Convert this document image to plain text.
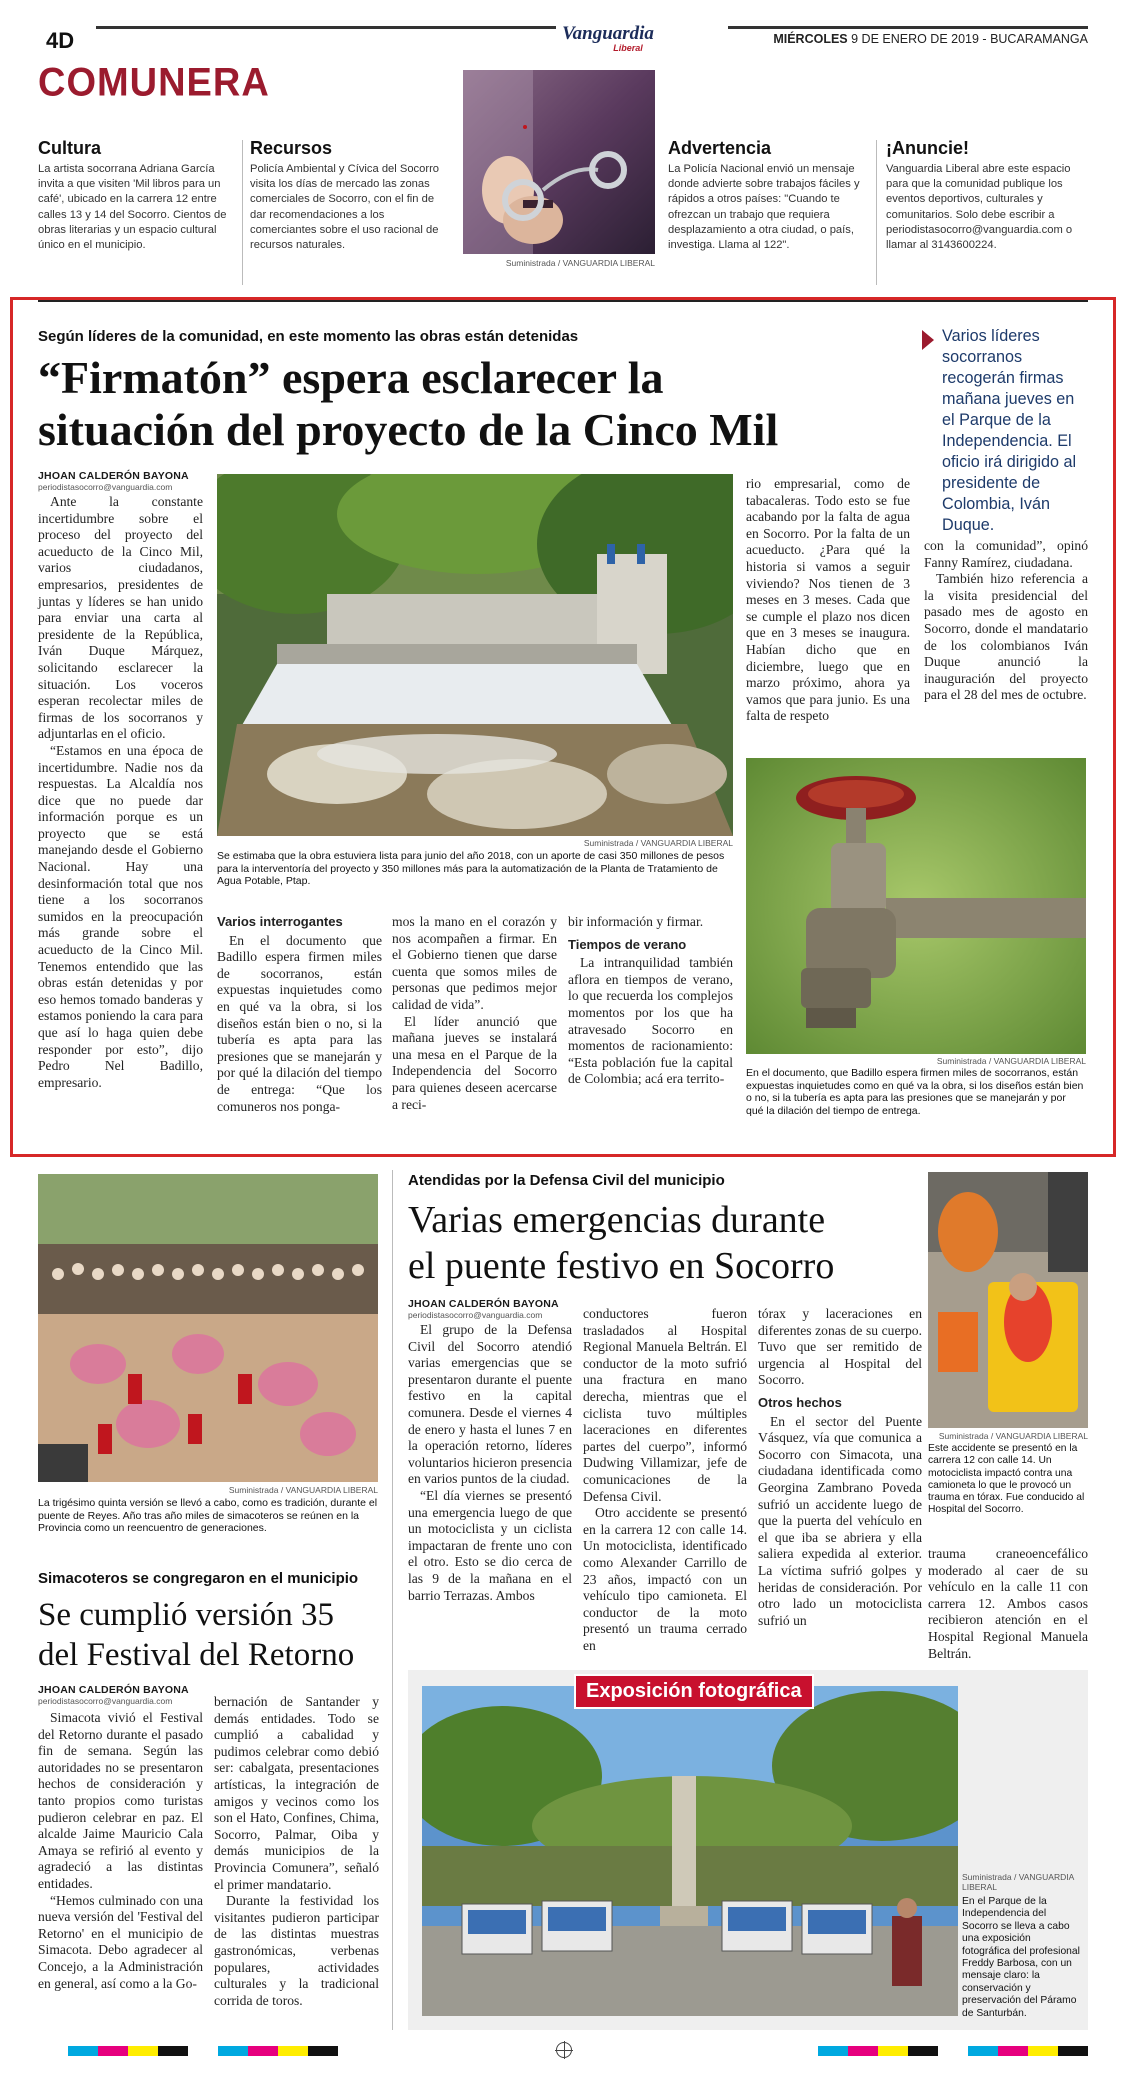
4D	Vanguardia
Liberal
MIÉRCOLES 9 DE ENERO DE 2019 - BUCARAMANGA
COMUNERA
Cultura
La artista socorrana Adriana García invita a que visiten 'Mil libros para un café', ubicado en la carrera 12 entre calles 13 y 14 del Socorro. Cientos de obras literarias y un espacio cultural único en el municipio.
Recursos
Policía Ambiental y Cívica del Socorro visita los días de mercado las zonas comerciales de Socorro, con el fin de dar recomendaciones a los comerciantes sobre el uso racional de recursos naturales.
Suministrada / VANGUARDIA LIBERAL
Advertencia
La Policía Nacional envió un mensaje donde advierte sobre trabajos fáciles y rápidos a otros países: "Cuando te ofrezcan un trabajo que requiera desplazamiento a otra ciudad, o país, investiga. Llama al 122".
¡Anuncie!
Vanguardia Liberal abre este espacio para que la comunidad publique los eventos deportivos, culturales y comunitarios. Solo debe escribir a periodistasocorro@vanguardia.com o llamar al 3143600224.
Según líderes de la comunidad, en este momento las obras están detenidas
“Firmatón” espera esclarecer la
situación del proyecto de la Cinco Mil
Varios líderes socorranos recogerán firmas mañana jueves en el Parque de la Independencia. El oficio irá dirigido al presidente de Colombia, Iván Duque.
JHOAN CALDERÓN BAYONA
periodistasocorro@vanguardia.com

Ante la constante incertidumbre sobre el proceso del proyecto del acueducto de la Cinco Mil, varios ciudadanos, empresarios, presidentes de juntas y líderes se han unido para enviar una carta al presidente de la República, Iván Duque Márquez, solicitando esclarecer la situación. Los voceros esperan recolectar miles de firmas de los socorranos y adjuntarlas en el oficio.

“Estamos en una época de incertidumbre. Nadie nos da respuestas. La Alcaldía nos dice que no puede dar información porque es un proyecto que se está manejando desde el Gobierno Nacional. Hay una desinformación total que nos tiene a los socorranos sumidos en la preocupación más grande sobre el acueducto de la Cinco Mil. Tenemos entendido que las obras están detenidas y por eso hemos tomado banderas y estamos poniendo la cara para que así lo haga quien debe responder por esto”, dijo Pedro Nel Badillo, empresario.

Suministrada / VANGUARDIA LIBERAL
Se estimaba que la obra estuviera lista para junio del año 2018, con un aporte de casi 350 millones de pesos para la interventoría del proyecto y 350 millones más para la automatización de la Planta de Tratamiento de Agua Potable, Ptap.

rio empresarial, como de tabacaleras. Todo esto se fue acabando por la falta de agua en Socorro. Por la falta de un acueducto. ¿Para qué la historia si vamos a seguir viviendo? Nos tienen de 3 meses en 3 meses. Cada que se cumple el plazo nos dicen que en 3 meses se inaugura. Habían dicho que en diciembre, luego que en marzo próximo, ahora ya vamos que para junio. Es una falta de respeto

con la comunidad”, opinó Fanny Ramírez, ciudadana.

También hizo referencia a la visita presidencial del pasado mes de agosto en Socorro, donde el mandatario de los colombianos Iván Duque anunció la inauguración del proyecto para el 28 del mes de octubre.

Varios interrogantes

En el documento que Badillo espera firmen miles de socorranos, están expuestas inquietudes como en qué va la obra, si los diseños están bien o no, si la tubería es apta para las presiones que se manejarán y por qué la dilación del tiempo de entrega: “Que los comuneros nos ponga-

mos la mano en el corazón y nos acompañen a firmar. En el Gobierno tienen que darse cuenta que somos miles de personas que pedimos mejor calidad de vida”.

El líder anunció que mañana jueves se instalará una mesa en el Parque de la Independencia del Socorro para quienes deseen acercarse a reci-

bir información y firmar.

Tiempos de verano

La intranquilidad también aflora en tiempos de verano, lo que recuerda los complejos momentos por los que ha atravesado Socorro en momentos de racionamiento: “Esta población fue la capital de Colombia; acá era territo-

Suministrada / VANGUARDIA LIBERAL
En el documento, que Badillo espera firmen miles de socorranos, están expuestas inquietudes como en qué va la obra, si los diseños están bien o no, si la tubería es apta para las presiones que se manejarán y por qué la dilación del tiempo de entrega.
Suministrada / VANGUARDIA LIBERAL
La trigésimo quinta versión se llevó a cabo, como es tradición, durante el puente de Reyes. Año tras año miles de simacoteros se reúnen en la Provincia como un reencuentro de generaciones.
Simacoteros se congregaron en el municipio
Se cumplió versión 35
del Festival del Retorno
JHOAN CALDERÓN BAYONA
periodistasocorro@vanguardia.com

Simacota vivió el Festival del Retorno durante el pasado fin de semana. Según las autoridades no se presentaron hechos de consideración y tanto propios como turistas pudieron celebrar en paz. El alcalde Jaime Mauricio Cala Amaya se refirió al evento y agradeció a las distintas entidades.

“Hemos culminado con una nueva versión del 'Festival del Retorno' en el municipio de Simacota. Debo agradecer al Concejo, a la Administración en general, así como a la Go-

bernación de Santander y demás entidades. Todo se cumplió a cabalidad y pudimos celebrar como debió ser: cabalgata, presentaciones artísticas, la integración de amigos y vecinos como los son el Hato, Confines, Chima, Socorro, Palmar, Oiba y demás municipios de la Provincia Comunera”, señaló el primer mandatario.

Durante la festividad los visitantes pudieron participar de las distintas muestras gastronómicas, verbenas populares, actividades culturales y la tradicional corrida de toros.

Atendidas por la Defensa Civil del municipio
Varias emergencias durante
el puente festivo en Socorro
JHOAN CALDERÓN BAYONA
periodistasocorro@vanguardia.com

El grupo de la Defensa Civil del Socorro atendió varias emergencias que se presentaron durante el puente festivo en la capital comunera. Desde el viernes 4 de enero y hasta el lunes 7 en la operación retorno, líderes voluntarios hicieron presencia en varios puntos de la ciudad.

“El día viernes se presentó una emergencia luego de que un motociclista y un ciclista impactaran de frente uno con el otro. Esto se dio cerca de las 9 de la mañana en el barrio Terrazas. Ambos

conductores fueron trasladados al Hospital Regional Manuela Beltrán. El conductor de la moto sufrió una fractura en mano derecha, mientras que el ciclista tuvo múltiples laceraciones en diferentes partes del cuerpo”, informó Dudwing Villamizar, jefe de comunicaciones de la Defensa Civil.

Otro accidente se presentó en la carrera 12 con calle 14. Un motociclista, identificado como Alexander Carrillo de 23 años, impactó con un vehículo tipo camioneta. El conductor de la moto presentó un trauma cerrado en

tórax y laceraciones en diferentes zonas de su cuerpo. Tuvo que ser remitido de urgencia al Hospital del Socorro.

Otros hechos

En el sector del Puente Vásquez, vía que comunica a Socorro con Simacota, una ciudadana identificada como Georgina Zambrano Poveda sufrió un accidente luego de que la puerta del vehículo en el que iba se abriera y ella saliera expedida al exterior. La víctima sufrió golpes y heridas de consideración. Por otro lado un motociclista sufrió un

Suministrada / VANGUARDIA LIBERAL
Este accidente se presentó en la carrera 12 con calle 14. Un motociclista impactó contra una camioneta lo que le provocó un trauma en tórax. Fue conducido al Hospital del Socorro.

trauma craneoencefálico moderado al caer de su vehículo en la calle 11 con carrera 12. Ambos casos recibieron atención en el Hospital Regional Manuela Beltrán.

Exposición fotográfica
Suministrada / VANGUARDIA LIBERAL
En el Parque de la Independencia del Socorro se lleva a cabo una exposición fotográfica del profesional Freddy Barbosa, con un mensaje claro: la conservación y preservación del Páramo de Santurbán.
